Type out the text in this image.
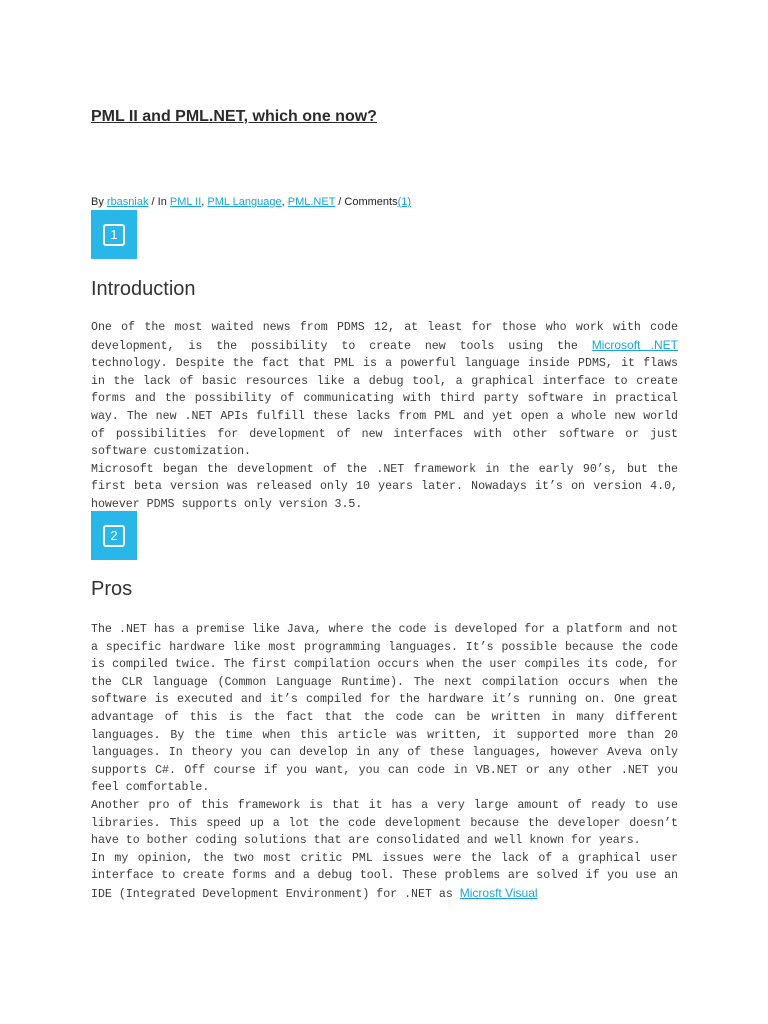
PML II and PML.NET, which one now?
By rbasniak / In PML II, PML Language, PML.NET / Comments(1)
1
Introduction

One of the most waited news from PDMS 12, at least for those who work with code development, is the possibility to create new tools using the Microsoft .NET technology. Despite the fact that PML is a powerful language inside PDMS, it flaws in the lack of basic resources like a debug tool, a graphical interface to create forms and the possibility of communicating with third party software in practical way. The new .NET APIs fulfill these lacks from PML and yet open a whole new world of possibilities for development of new interfaces with other software or just software customization.

Microsoft began the development of the .NET framework in the early 90’s, but the first beta version was released only 10 years later. Nowadays it’s on version 4.0, however PDMS supports only version 3.5.

2
Pros

The .NET has a premise like Java, where the code is developed for a platform and not a specific hardware like most programming languages. It’s possible because the code is compiled twice. The first compilation occurs when the user compiles its code, for the CLR language (Common Language Runtime). The next compilation occurs when the software is executed and it’s compiled for the hardware it’s running on. One great advantage of this is the fact that the code can be written in many different languages. By the time when this article was written, it supported more than 20 languages. In theory you can develop in any of these languages, however Aveva only supports C#. Off course if you want, you can code in VB.NET or any other .NET you feel comfortable.

Another pro of this framework is that it has a very large amount of ready to use libraries. This speed up a lot the code development because the developer doesn’t have to bother coding solutions that are consolidated and well known for years.

In my opinion, the two most critic PML issues were the lack of a graphical user interface to create forms and a debug tool. These problems are solved if you use an IDE (Integrated Development Environment) for .NET as Microsft Visual
